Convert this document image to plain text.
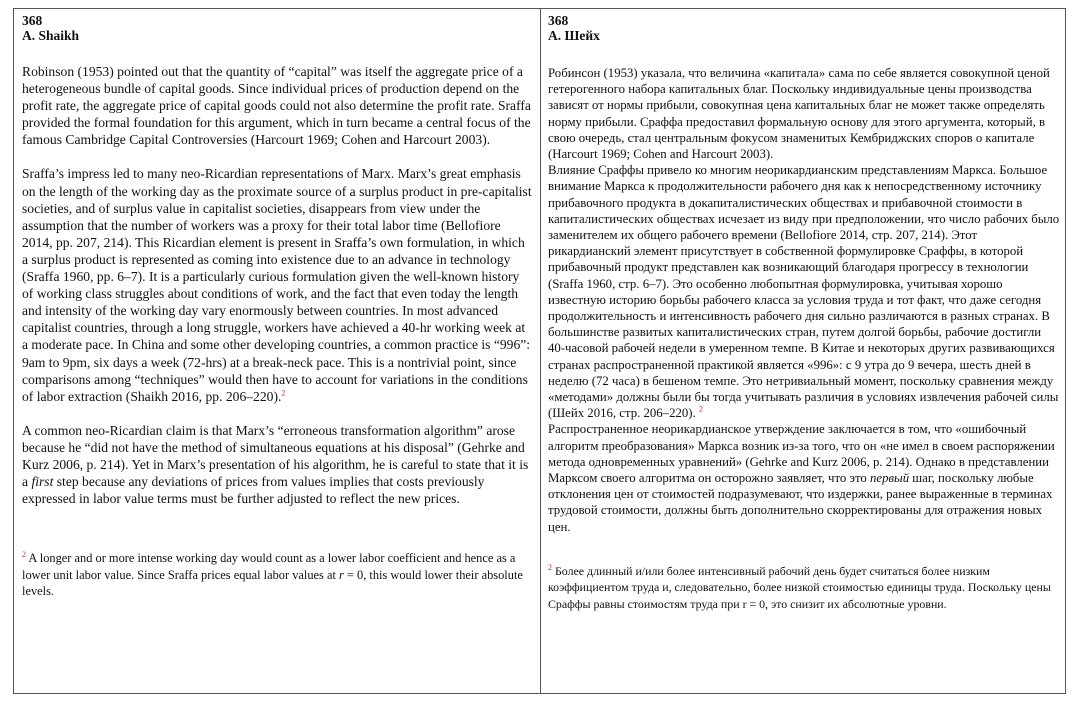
368
A. Shaikh

Robinson (1953) pointed out that the quantity of “capital” was itself the aggregate price of a heterogeneous bundle of capital goods. Since individual prices of production depend on the profit rate, the aggregate price of capital goods could not also determine the profit rate. Sraffa provided the formal foundation for this argument, which in turn became a central focus of the famous Cambridge Capital Controversies (Harcourt 1969; Cohen and Harcourt 2003).

Sraffa’s impress led to many neo-Ricardian representations of Marx. Marx’s great emphasis on the length of the working day as the proximate source of a surplus product in pre-capitalist societies, and of surplus value in capitalist societies, disappears from view under the assumption that the number of workers was a proxy for their total labor time (Bellofiore 2014, pp. 207, 214). This Ricardian element is present in Sraffa’s own formulation, in which a surplus product is represented as coming into existence due to an advance in technology (Sraffa 1960, pp. 6–7). It is a particularly curious formulation given the well-known history of working class struggles about conditions of work, and the fact that even today the length and intensity of the working day vary enormously between countries. In most advanced capitalist countries, through a long struggle, workers have achieved a 40-hr working week at a moderate pace. In China and some other developing countries, a common practice is “996”: 9am to 9pm, six days a week (72-hrs) at a break-neck pace. This is a nontrivial point, since comparisons among “techniques” would then have to account for variations in the conditions of labor extraction (Shaikh 2016, pp. 206–220).$^2$

A common neo-Ricardian claim is that Marx’s “erroneous transformation algorithm” arose because he “did not have the method of simultaneous equations at his disposal” (Gehrke and Kurz 2006, p. 214). Yet in Marx’s presentation of his algorithm, he is careful to state that it is a first step because any deviations of prices from values implies that costs previously expressed in labor value terms must be further adjusted to reflect the new prices.

$^2$ A longer and or more intense working day would count as a lower labor coefficient and hence as a lower unit labor value. Since Sraffa prices equal labor values at r = 0, this would lower their absolute levels.

368
А. Шейх

Робинсон (1953) указала, что величина «капитала» сама по себе является совокупной ценой гетерогенного набора капитальных благ. Поскольку индивидуальные цены производства зависят от нормы прибыли, совокупная цена капитальных благ не может также определять норму прибыли. Сраффа предоставил формальную основу для этого аргумента, который, в свою очередь, стал центральным фокусом знаменитых Кембриджских споров о капитале (Harcourt 1969; Cohen and Harcourt 2003).

Влияние Сраффы привело ко многим неорикардианским представлениям Маркса. Большое внимание Маркса к продолжительности рабочего дня как к непосредственному источнику прибавочного продукта в докапиталистических обществах и прибавочной стоимости в капиталистических обществах исчезает из виду при предположении, что число рабочих было заменителем их общего рабочего времени (Bellofiore 2014, стр. 207, 214). Этот рикардианский элемент присутствует в собственной формулировке Сраффы, в которой прибавочный продукт представлен как возникающий благодаря прогрессу в технологии (Sraffa 1960, стр. 6–7). Это особенно любопытная формулировка, учитывая хорошо известную историю борьбы рабочего класса за условия труда и тот факт, что даже сегодня продолжительность и интенсивность рабочего дня сильно различаются в разных странах. В большинстве развитых капиталистических стран, путем долгой борьбы, рабочие достигли 40-часовой рабочей недели в умеренном темпе. В Китае и некоторых других развивающихся странах распространенной практикой является «996»: с 9 утра до 9 вечера, шесть дней в неделю (72 часа) в бешеном темпе. Это нетривиальный момент, поскольку сравнения между «методами» должны были бы тогда учитывать различия в условиях извлечения рабочей силы (Шейх 2016, стр. 206–220). $^2$

Распространенное неорикардианское утверждение заключается в том, что «ошибочный алгоритм преобразования» Маркса возник из-за того, что он «не имел в своем распоряжении метода одновременных уравнений» (Gehrke and Kurz 2006, p. 214). Однако в представлении Марксом своего алгоритма он осторожно заявляет, что это первый шаг, поскольку любые отклонения цен от стоимостей подразумевают, что издержки, ранее выраженные в терминах трудовой стоимости, должны быть дополнительно скорректированы для отражения новых цен.

$^2$ Более длинный и/или более интенсивный рабочий день будет считаться более низким коэффициентом труда и, следовательно, более низкой стоимостью единицы труда. Поскольку цены Сраффы равны стоимостям труда при r = 0, это снизит их абсолютные уровни.
